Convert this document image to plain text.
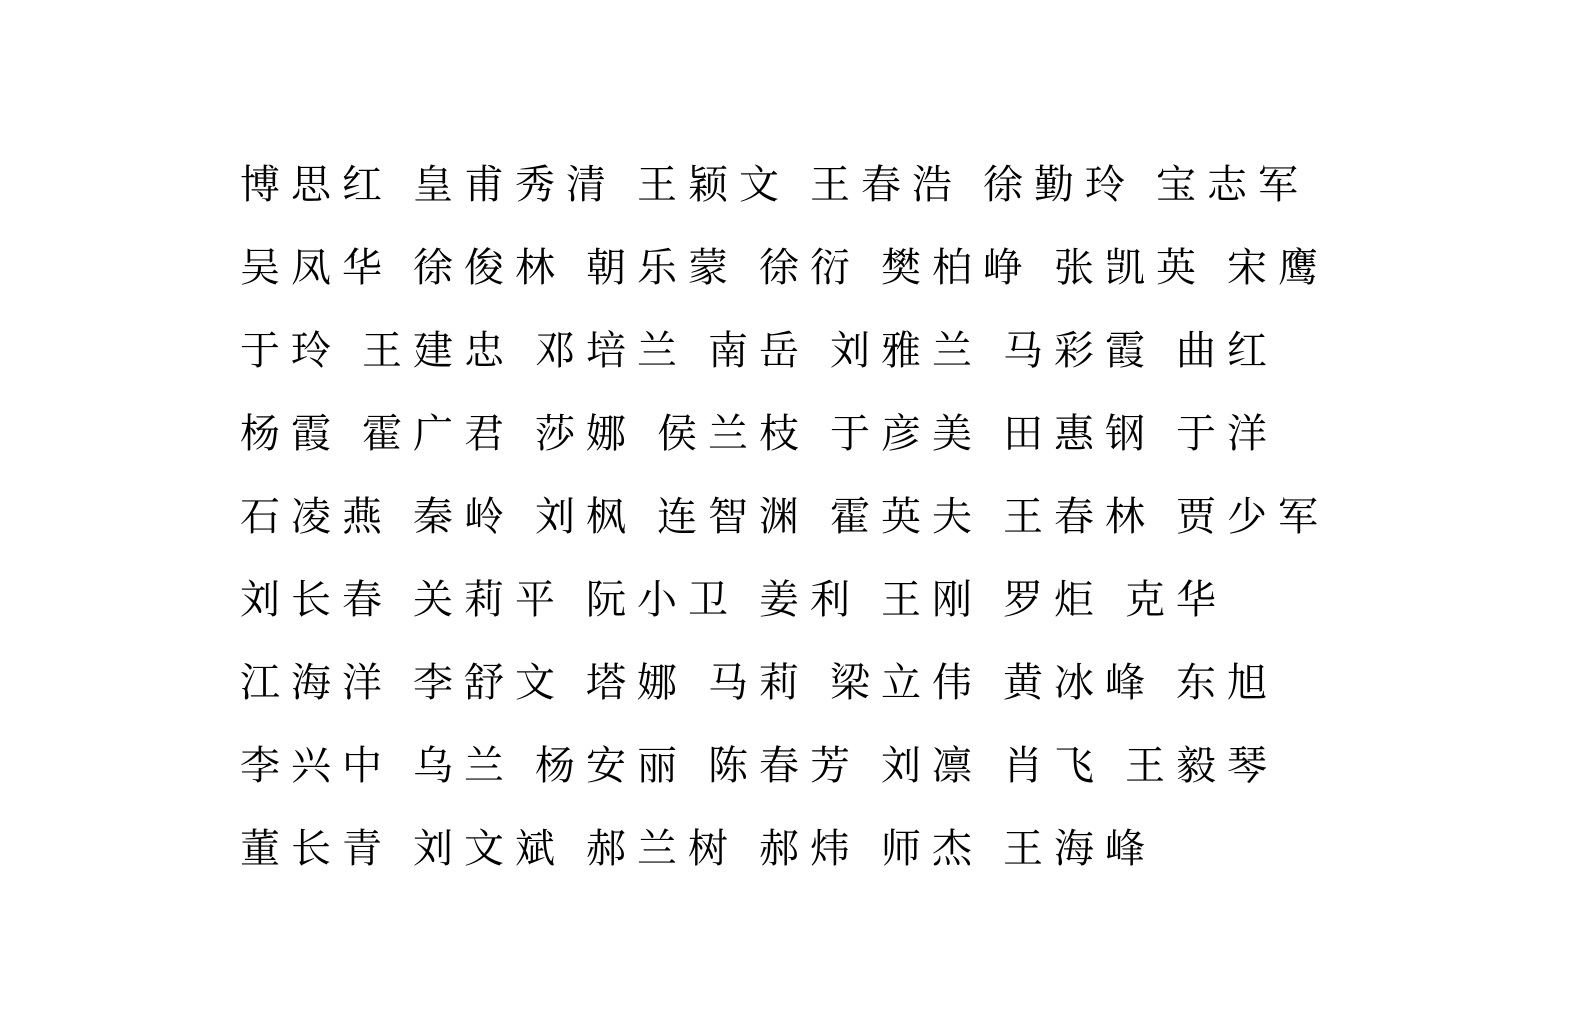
博思红 皇甫秀清 王颖文 王春浩 徐勤玲 宝志军
吴凤华 徐俊林 朝乐蒙 徐衍 樊柏峥 张凯英 宋鹰
于玲 王建忠 邓培兰 南岳 刘雅兰 马彩霞 曲红
杨霞 霍广君 莎娜 侯兰枝 于彦美 田惠钢 于洋
石凌燕 秦岭 刘枫 连智渊 霍英夫 王春林 贾少军
刘长春 关莉平 阮小卫 姜利 王刚 罗炬 克华
江海洋 李舒文 塔娜 马莉 梁立伟 黄冰峰 东旭
李兴中 乌兰 杨安丽 陈春芳 刘凛 肖飞 王毅琴
董长青 刘文斌 郝兰树 郝炜 师杰 王海峰
